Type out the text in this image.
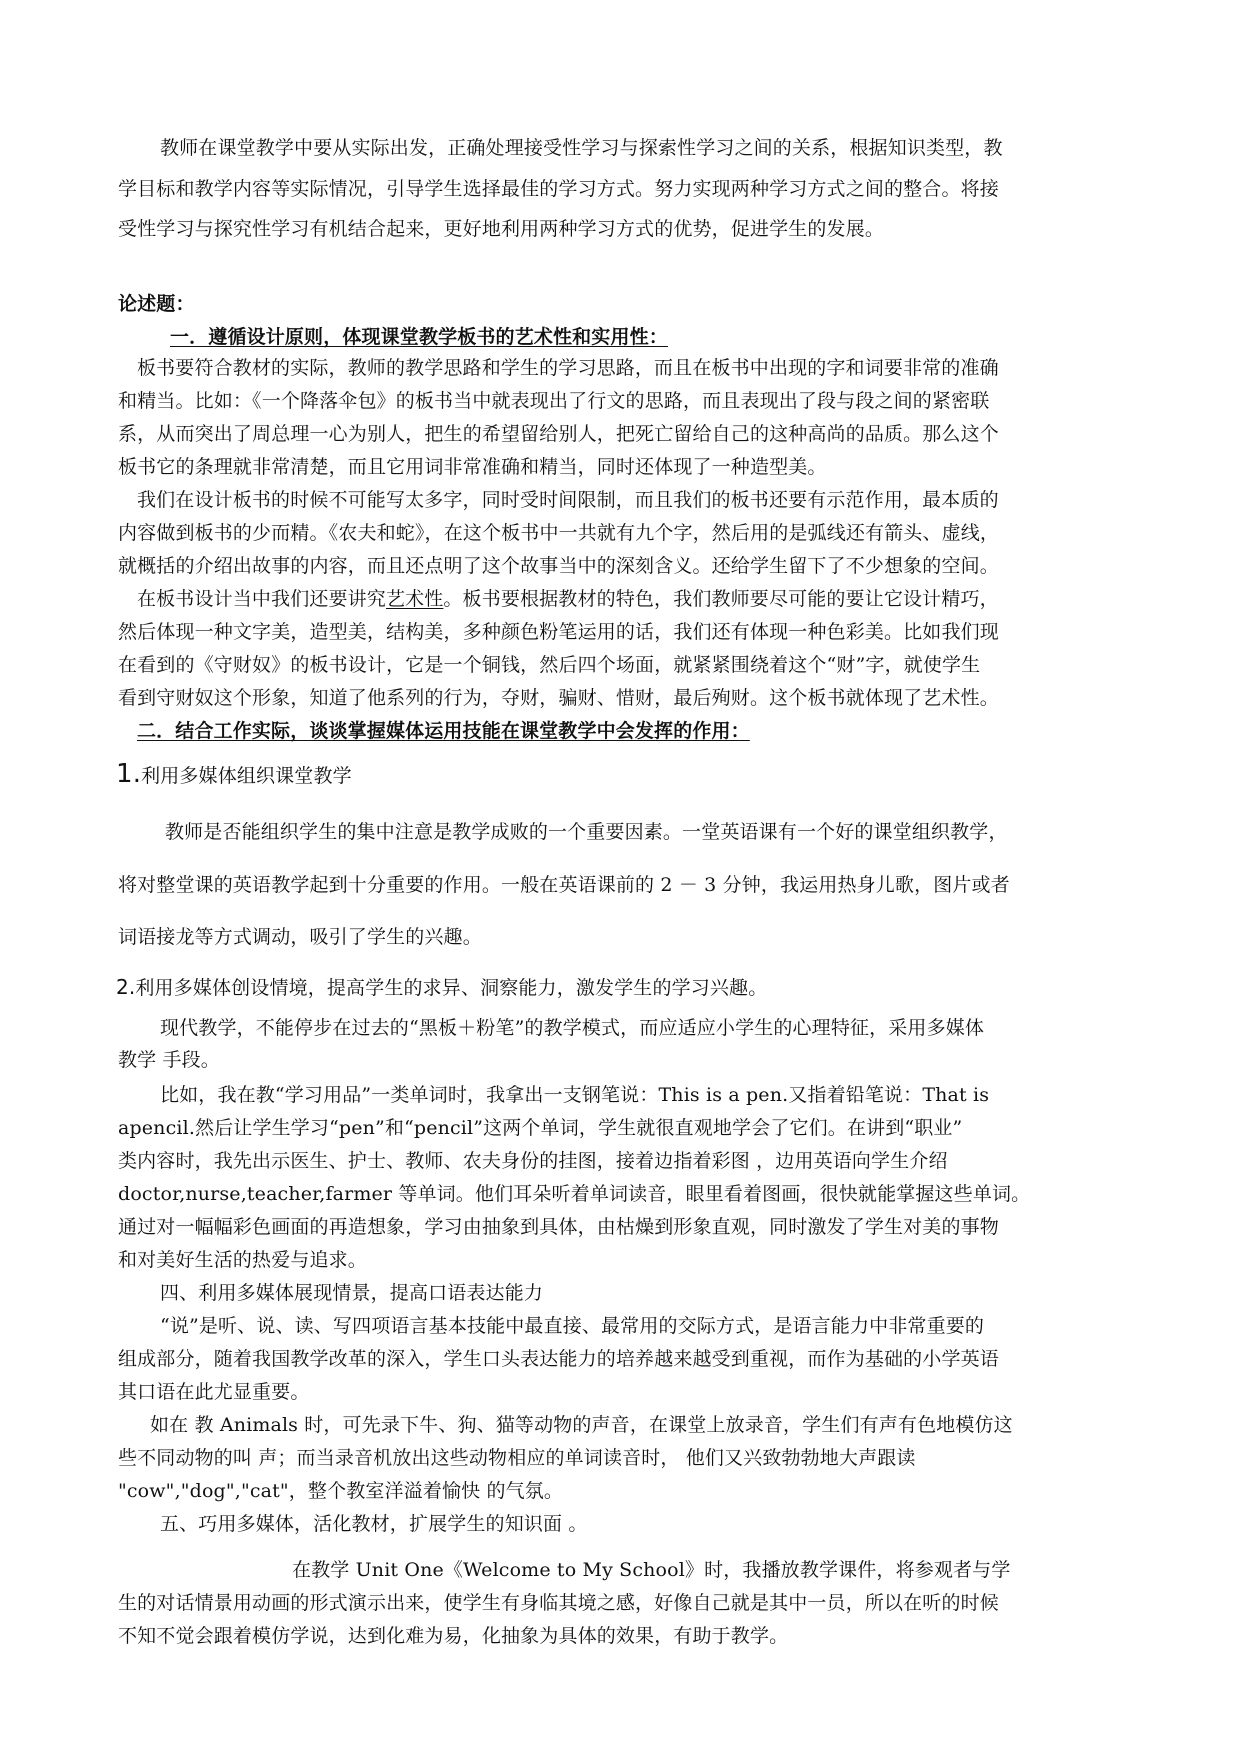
教师在课堂教学中要从实际出发，正确处理接受性学习与探索性学习之间的关系，根据知识类型，教
学目标和教学内容等实际情况，引导学生选择最佳的学习方式。努力实现两种学习方式之间的整合。将接
受性学习与探究性学习有机结合起来，更好地利用两种学习方式的优势，促进学生的发展。
论述题：
一．遵循设计原则，体现课堂教学板书的艺术性和实用性：
板书要符合教材的实际，教师的教学思路和学生的学习思路，而且在板书中出现的字和词要非常的准确
和精当。比如：《一个降落伞包》的板书当中就表现出了行文的思路，而且表现出了段与段之间的紧密联
系，从而突出了周总理一心为别人，把生的希望留给别人，把死亡留给自己的这种高尚的品质。那么这个
板书它的条理就非常清楚，而且它用词非常准确和精当，同时还体现了一种造型美。
我们在设计板书的时候不可能写太多字，同时受时间限制，而且我们的板书还要有示范作用，最本质的
内容做到板书的少而精。《农夫和蛇》，在这个板书中一共就有九个字，然后用的是弧线还有箭头、虚线，
就概括的介绍出故事的内容，而且还点明了这个故事当中的深刻含义。还给学生留下了不少想象的空间。
在板书设计当中我们还要讲究艺术性。板书要根据教材的特色，我们教师要尽可能的要让它设计精巧，
然后体现一种文字美，造型美，结构美，多种颜色粉笔运用的话，我们还有体现一种色彩美。比如我们现
在看到的《守财奴》的板书设计，它是一个铜钱，然后四个场面，就紧紧围绕着这个“财”字，就使学生
看到守财奴这个形象，知道了他系列的行为，夺财，骗财、惜财，最后殉财。这个板书就体现了艺术性。
二．结合工作实际，谈谈掌握媒体运用技能在课堂教学中会发挥的作用：
1.利用多媒体组织课堂教学
教师是否能组织学生的集中注意是教学成败的一个重要因素。一堂英语课有一个好的课堂组织教学，
将对整堂课的英语教学起到十分重要的作用。一般在英语课前的 2 － 3 分钟，我运用热身儿歌，图片或者
词语接龙等方式调动，吸引了学生的兴趣。
2.利用多媒体创设情境，提高学生的求异、洞察能力，激发学生的学习兴趣。
现代教学，不能停步在过去的“黑板＋粉笔”的教学模式，而应适应小学生的心理特征，采用多媒体
教学 手段。
比如，我在教“学习用品”一类单词时，我拿出一支钢笔说：This is a pen.又指着铅笔说：That is
apencil.然后让学生学习“pen”和“pencil”这两个单词，学生就很直观地学会了它们。在讲到“职业”
类内容时，我先出示医生、护士、教师、农夫身份的挂图，接着边指着彩图 ，边用英语向学生介绍
doctor,nurse,teacher,farmer 等单词。他们耳朵听着单词读音，眼里看着图画，很快就能掌握这些单词。
通过对一幅幅彩色画面的再造想象，学习由抽象到具体，由枯燥到形象直观，同时激发了学生对美的事物
和对美好生活的热爱与追求。
四、利用多媒体展现情景，提高口语表达能力
“说”是听、说、读、写四项语言基本技能中最直接、最常用的交际方式，是语言能力中非常重要的
组成部分，随着我国教学改革的深入，学生口头表达能力的培养越来越受到重视，而作为基础的小学英语
其口语在此尤显重要。
如在 教 Animals 时，可先录下牛、狗、猫等动物的声音，在课堂上放录音，学生们有声有色地模仿这
些不同动物的叫 声；而当录音机放出这些动物相应的单词读音时， 他们又兴致勃勃地大声跟读
"cow","dog","cat"，整个教室洋溢着愉快 的气氛。
五、巧用多媒体，活化教材，扩展学生的知识面 。
在教学 Unit One《Welcome to My School》时，我播放教学课件，将参观者与学
生的对话情景用动画的形式演示出来，使学生有身临其境之感，好像自己就是其中一员，所以在听的时候
不知不觉会跟着模仿学说，达到化难为易，化抽象为具体的效果，有助于教学。
